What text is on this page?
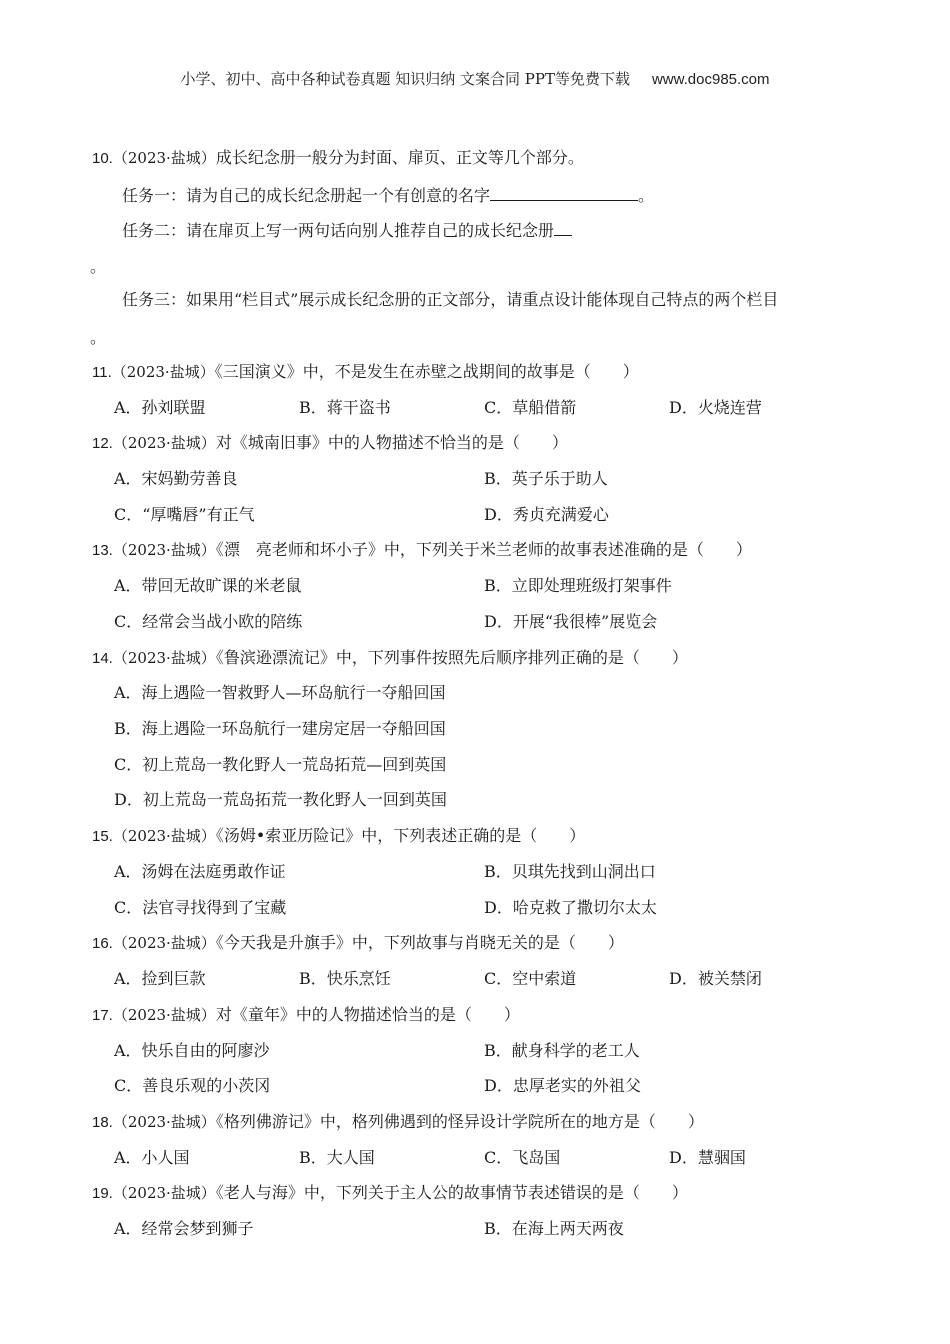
小学、初中、高中各种试卷真题 知识归纳 文案合同 PPT等免费下载 www.doc985.com
10.（2023·盐城）成长纪念册一般分为封面、扉页、正文等几个部分。
任务一：请为自己的成长纪念册起一个有创意的名字	。
任务二：请在扉页上写一两句话向别人推荐自己的成长纪念册
。
任务三：如果用“栏目式”展示成长纪念册的正文部分，请重点设计能体现自己特点的两个栏目
。
11.（2023·盐城）《三国演义》中，不是发生在赤壁之战期间的故事是（　　）
A．孙刘联盟	B．蒋干盗书	C．草船借箭	D．火烧连营
12.（2023·盐城）对《城南旧事》中的人物描述不恰当的是（　　）
A．宋妈勤劳善良	B．英子乐于助人
C．“厚嘴唇”有正气	D．秀贞充满爱心
13.（2023·盐城）《漂　亮老师和坏小子》中，下列关于米兰老师的故事表述准确的是（　　）
A．带回无故旷课的米老鼠	B．立即处理班级打架事件
C．经常会当战小欧的陪练	D．开展“我很棒”展览会
14.（2023·盐城）《鲁滨逊漂流记》中，下列事件按照先后顺序排列正确的是（　　）
A．海上遇险一智救野人—环岛航行一夺船回国
B．海上遇险一环岛航行一建房定居一夺船回国
C．初上荒岛一教化野人一荒岛拓荒—回到英国
D．初上荒岛一荒岛拓荒一教化野人一回到英国
15.（2023·盐城）《汤姆•索亚历险记》中，下列表述正确的是（　　）
A．汤姆在法庭勇敢作证	B．贝琪先找到山洞出口
C．法官寻找得到了宝藏	D．哈克救了撒切尔太太
16.（2023·盐城）《今天我是升旗手》中，下列故事与肖晓无关的是（　　）
A．捡到巨款	B．快乐烹饪	C．空中索道	D．被关禁闭
17.（2023·盐城）对《童年》中的人物描述恰当的是（　　）
A．快乐自由的阿廖沙	B．献身科学的老工人
C．善良乐观的小茨冈	D．忠厚老实的外祖父
18.（2023·盐城）《格列佛游记》中，格列佛遇到的怪异设计学院所在的地方是（　　）
A．小人国	B．大人国	C．飞岛国	D．慧骃国
19.（2023·盐城）《老人与海》中，下列关于主人公的故事情节表述错误的是（　　）
A．经常会梦到狮子	B．在海上两天两夜
